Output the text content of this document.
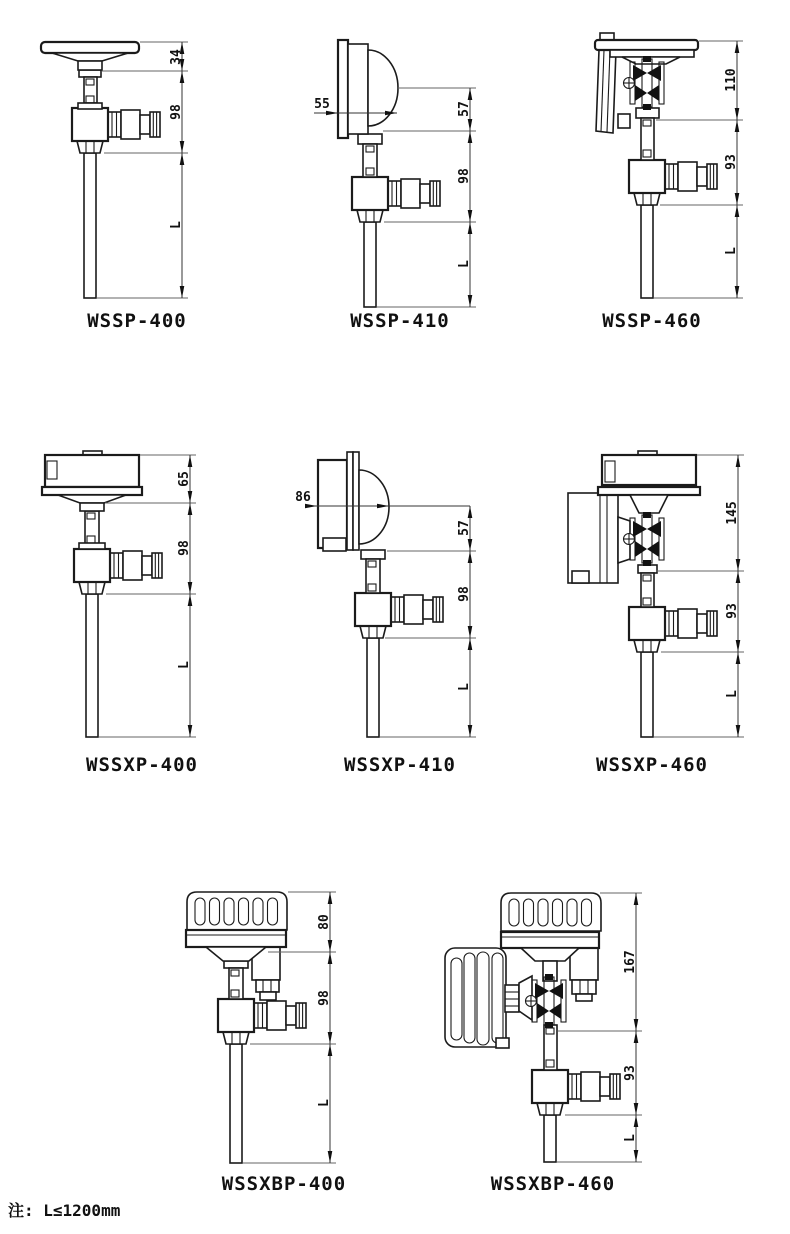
34
98
L
WSSP-400
55	57
98
L
WSSP-410
110
93
L
WSSP-460
65
98
L
WSSXP-400
86
57
98
L
WSSXP-410
145
93
L
WSSXP-460
80
98
L
WSSXBP-400
167
93
L
WSSXBP-460
注: L≤1200mm
